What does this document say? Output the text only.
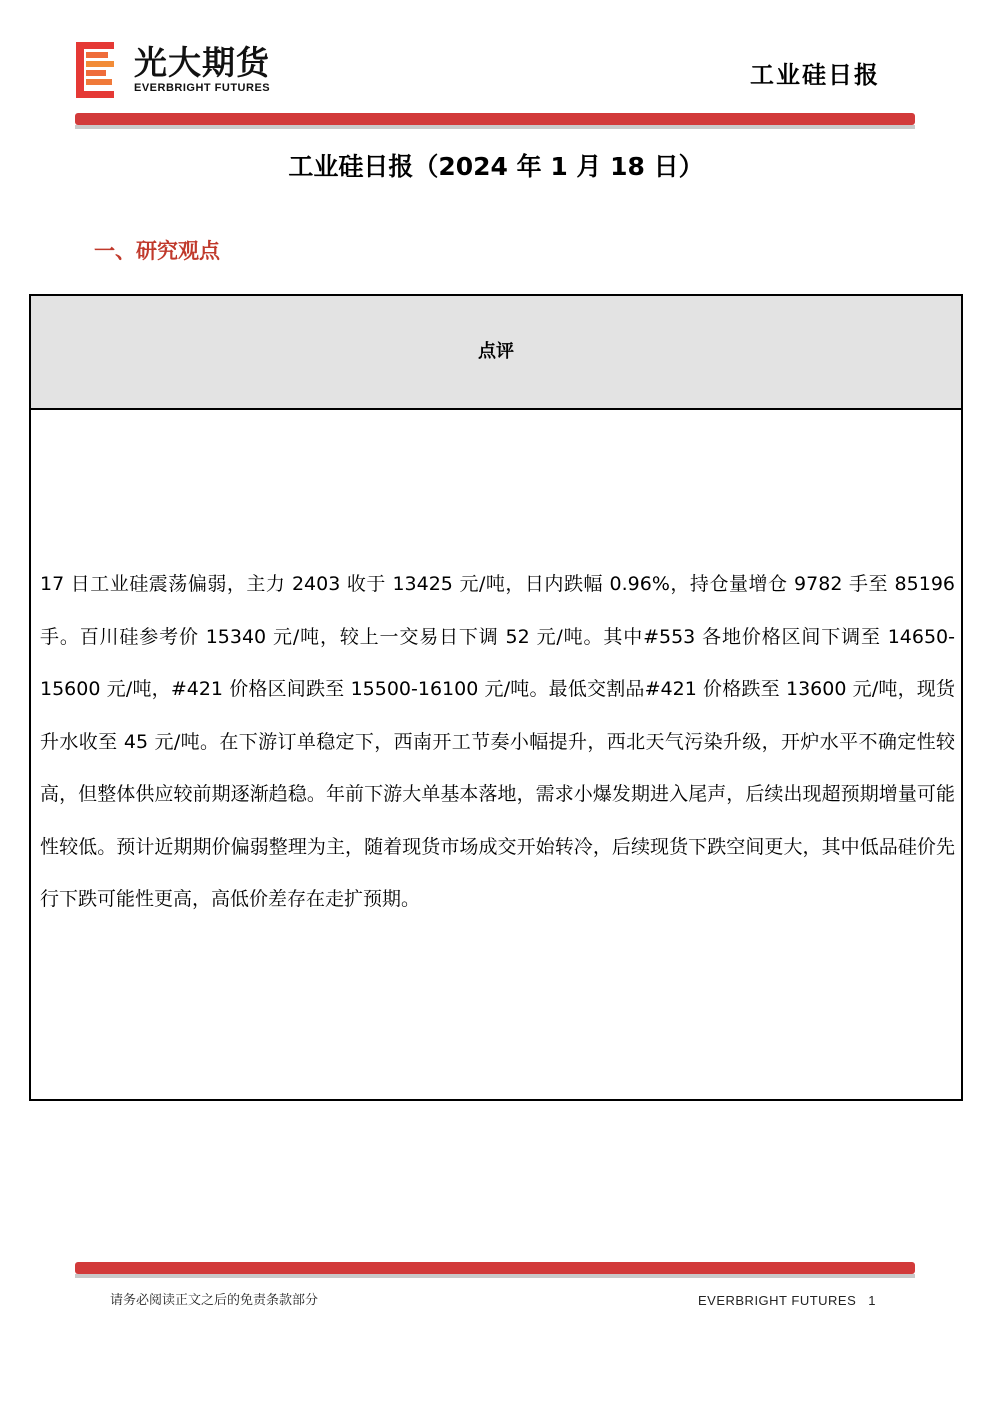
光大期货
EVERBRIGHT FUTURES	工业硅日报
工业硅日报（2024 年 1 月 18 日）
一、研究观点
点评
17 日工业硅震荡偏弱，主力 2403 收于 13425 元/吨，日内跌幅 0.96%，持仓量增仓 9782 手至 85196 手。百川硅参考价 15340 元/吨，较上一交易日下调 52 元/吨。其中#553 各地价格区间下调至 14650-15600 元/吨，#421 价格区间跌至 15500-16100 元/吨。最低交割品#421 价格跌至 13600 元/吨，现货升水收至 45 元/吨。在下游订单稳定下，西南开工节奏小幅提升，西北天气污染升级，开炉水平不确定性较高，但整体供应较前期逐渐趋稳。年前下游大单基本落地，需求小爆发期进入尾声，后续出现超预期增量可能性较低。预计近期期价偏弱整理为主，随着现货市场成交开始转冷，后续现货下跌空间更大，其中低品硅价先行下跌可能性更高，高低价差存在走扩预期。
请务必阅读正文之后的免责条款部分	EVERBRIGHT FUTURES 1
